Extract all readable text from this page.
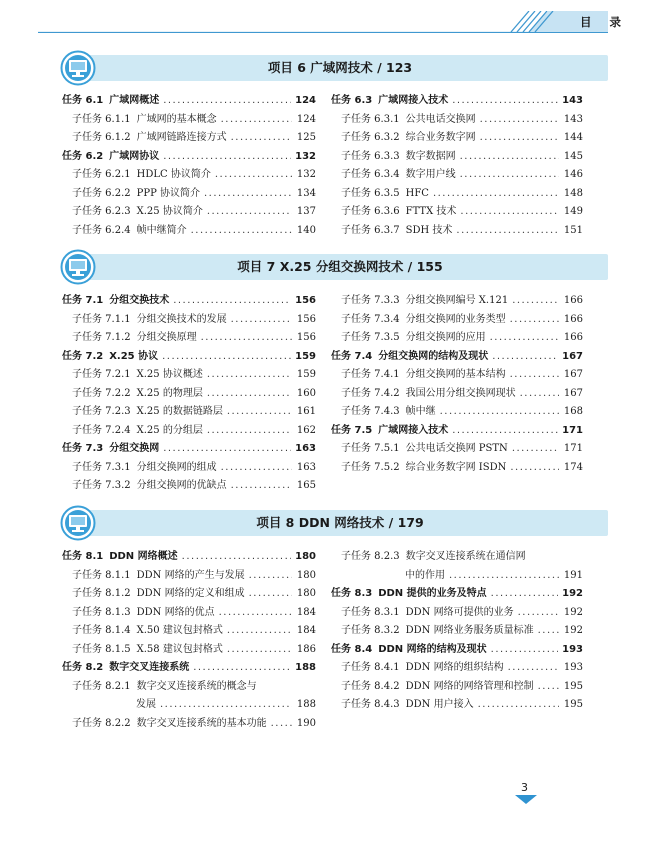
目 录
项目 6 广域网技术 / 123
任务 6.1 广域网概述 .....	124
子任务 6.1.1 广域网的基本概念 .....	124
子任务 6.1.2 广域网链路连接方式 .....	125
任务 6.2 广域网协议 .....	132
子任务 6.2.1 HDLC 协议简介 .....	132
子任务 6.2.2 PPP 协议简介 .....	134
子任务 6.2.3 X.25 协议简介 .....	137
子任务 6.2.4 帧中继简介 .....	140
任务 6.3 广域网接入技术 .....	143
子任务 6.3.1 公共电话交换网 .....	143
子任务 6.3.2 综合业务数字网 .....	144
子任务 6.3.3 数字数据网 .....	145
子任务 6.3.4 数字用户线 .....	146
子任务 6.3.5 HFC .....	148
子任务 6.3.6 FTTX 技术 .....	149
子任务 6.3.7 SDH 技术 .....	151
项目 7 X.25 分组交换网技术 / 155
任务 7.1 分组交换技术 .....	156
子任务 7.1.1 分组交换技术的发展 .....	156
子任务 7.1.2 分组交换原理 .....	156
任务 7.2 X.25 协议 .....	159
子任务 7.2.1 X.25 协议概述 .....	159
子任务 7.2.2 X.25 的物理层 .....	160
子任务 7.2.3 X.25 的数据链路层 .....	161
子任务 7.2.4 X.25 的分组层 .....	162
任务 7.3 分组交换网 .....	163
子任务 7.3.1 分组交换网的组成 .....	163
子任务 7.3.2 分组交换网的优缺点 .....	165
子任务 7.3.3 分组交换网编号 X.121 .....	166
子任务 7.3.4 分组交换网的业务类型 .....	166
子任务 7.3.5 分组交换网的应用 .....	166
任务 7.4 分组交换网的结构及现状 .....	167
子任务 7.4.1 分组交换网的基本结构 .....	167
子任务 7.4.2 我国公用分组交换网现状 .....	167
子任务 7.4.3 帧中继 .....	168
任务 7.5 广域网接入技术 .....	171
子任务 7.5.1 公共电话交换网 PSTN .....	171
子任务 7.5.2 综合业务数字网 ISDN .....	174
项目 8 DDN 网络技术 / 179
任务 8.1 DDN 网络概述 .....	180
子任务 8.1.1 DDN 网络的产生与发展 .....	180
子任务 8.1.2 DDN 网络的定义和组成 .....	180
子任务 8.1.3 DDN 网络的优点 .....	184
子任务 8.1.4 X.50 建议包封格式 .....	184
子任务 8.1.5 X.58 建议包封格式 .....	186
任务 8.2 数字交叉连接系统 .....	188
子任务 8.2.1 数字交叉连接系统的概念与
发展 .....	188
子任务 8.2.2 数字交叉连接系统的基本功能 .....	190
子任务 8.2.3 数字交叉连接系统在通信网
中的作用 .....	191
任务 8.3 DDN 提供的业务及特点 .....	192
子任务 8.3.1 DDN 网络可提供的业务 .....	192
子任务 8.3.2 DDN 网络业务服务质量标准 .....	192
任务 8.4 DDN 网络的结构及现状 .....	193
子任务 8.4.1 DDN 网络的组织结构 .....	193
子任务 8.4.2 DDN 网络的网络管理和控制 .....	195
子任务 8.4.3 DDN 用户接入 .....	195
3
